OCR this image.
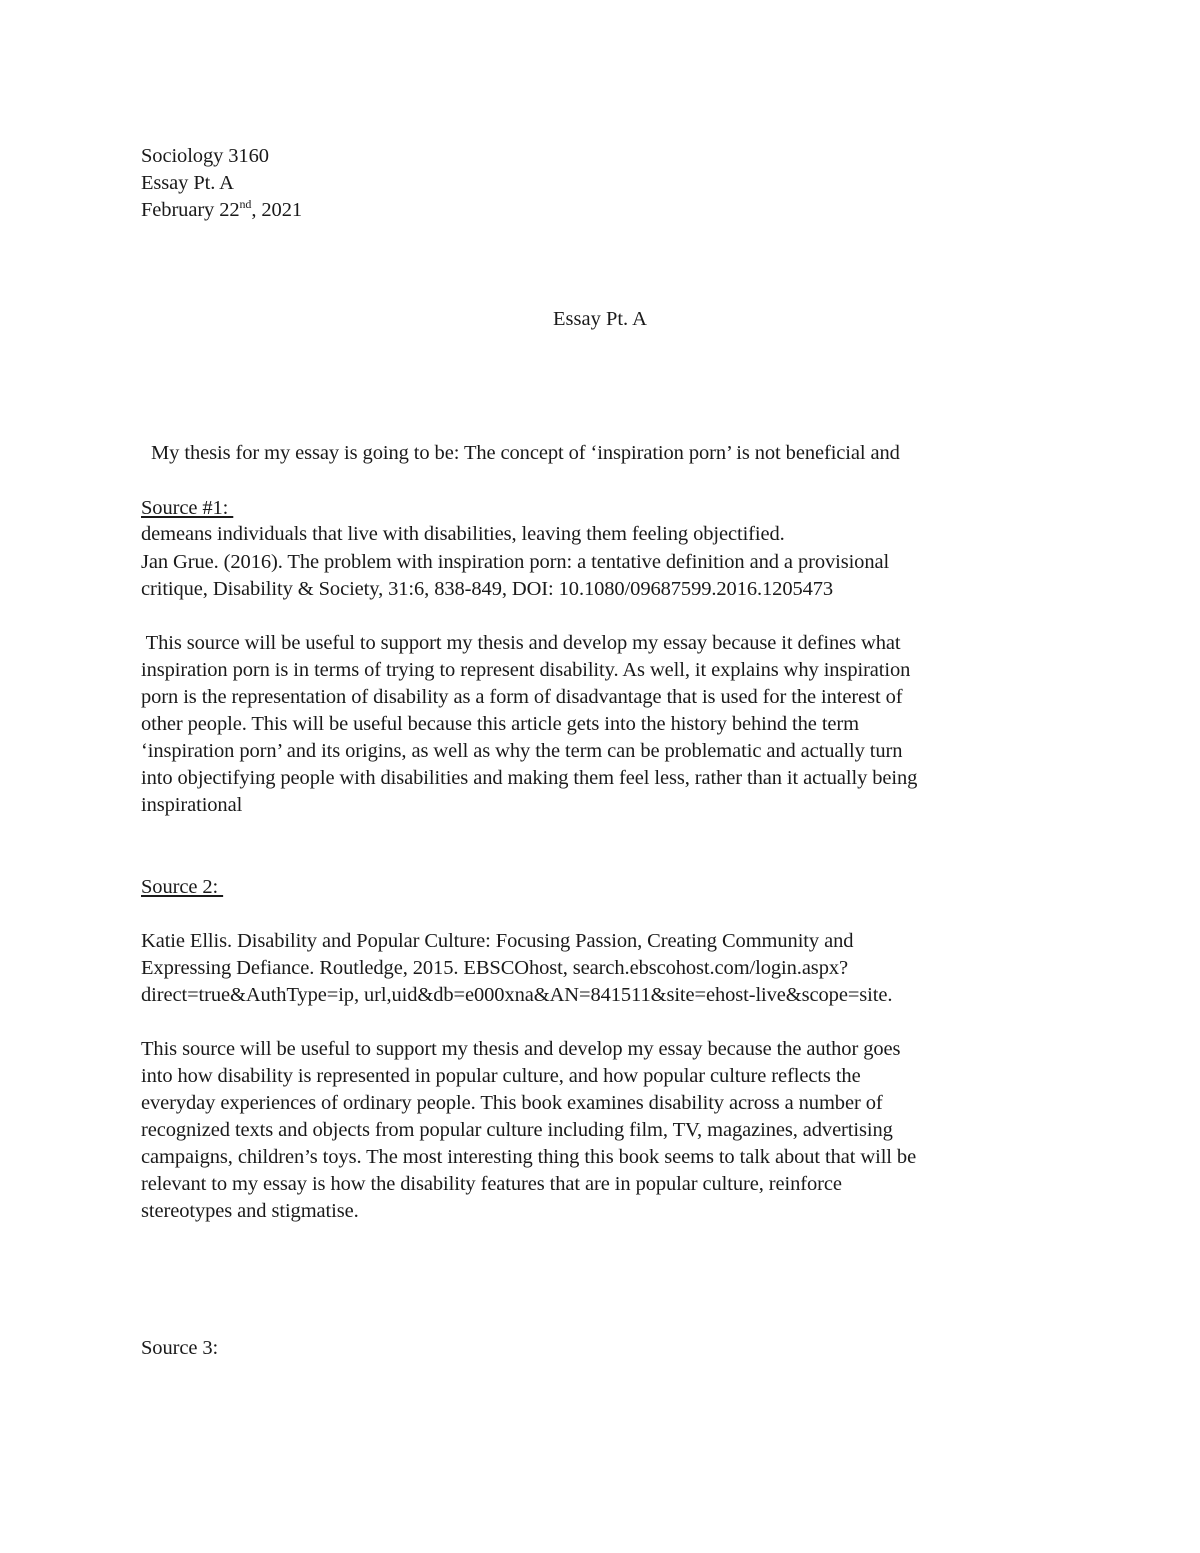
Sociology 3160
Essay Pt. A
February 22nd, 2021
Essay Pt. A

My thesis for my essay is going to be: The concept of ‘inspiration porn’ is not beneficial and

demeans individuals that live with disabilities, leaving them feeling objectified.

Source #1:
Jan Grue. (2016). The problem with inspiration porn: a tentative definition and a provisional
critique, Disability & Society, 31:6, 838-849, DOI: 10.1080/09687599.2016.1205473
This source will be useful to support my thesis and develop my essay because it defines what
inspiration porn is in terms of trying to represent disability. As well, it explains why inspiration
porn is the representation of disability as a form of disadvantage that is used for the interest of
other people. This will be useful because this article gets into the history behind the term
‘inspiration porn’ and its origins, as well as why the term can be problematic and actually turn
into objectifying people with disabilities and making them feel less, rather than it actually being
inspirational
Source 2:
Katie Ellis. Disability and Popular Culture: Focusing Passion, Creating Community and
Expressing Defiance. Routledge, 2015. EBSCOhost, search.ebscohost.com/login.aspx?
direct=true&AuthType=ip, url,uid&db=e000xna&AN=841511&site=ehost-live&scope=site.
This source will be useful to support my thesis and develop my essay because the author goes
into how disability is represented in popular culture, and how popular culture reflects the
everyday experiences of ordinary people. This book examines disability across a number of
recognized texts and objects from popular culture including film, TV, magazines, advertising
campaigns, children’s toys. The most interesting thing this book seems to talk about that will be
relevant to my essay is how the disability features that are in popular culture, reinforce
stereotypes and stigmatise.
Source 3:
